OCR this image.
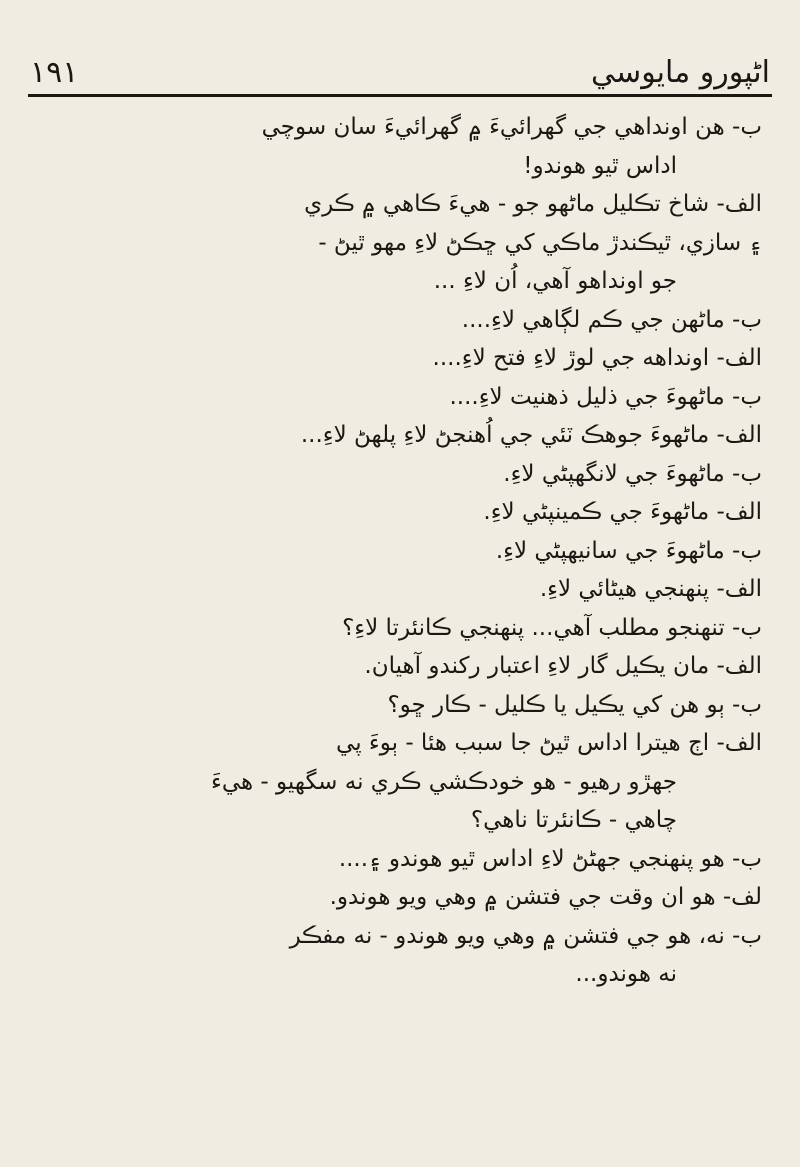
١٩١	اڻپورو مايوسي
ب- هن اونداهي جي گهرائيءَ ۾ گهرائيءَ سان سوچي
اداس ٿيو هوندو!
الف- شاخ تڪليل ماڻهو جو - هيءَ ڪاهي ۾ ڪري
۽ سازي، ٿيڪندڙ ماڪي کي ڇڪڻ لاءِ مهو ٿيڻ -
جو اونداهو آهي، اُن لاءِ ...
ب- ماڻهن جي ڪم لڳاهي لاءِ....
الف- اونداهه جي لوڙ لاءِ فتح لاءِ....
ب- ماڻهوءَ جي ذليل ذهنيت لاءِ....
الف- ماڻهوءَ جوهڪ ٽئي جي اُهنجڻ لاءِ پلهڻ لاءِ...
ب- ماڻهوءَ جي لانگهپڻي لاءِ.
الف- ماڻهوءَ جي ڪمينپڻي لاءِ.
ب- ماڻهوءَ جي سانيهپڻي لاءِ.
الف- پنهنجي هيڻائي لاءِ.
ب- تنهنجو مطلب آهي... پنهنجي ڪانئرتا لاءِ؟
الف- مان يڪيل گار لاءِ اعتبار رکندو آهيان.
ب- ٻو هن کي يڪيل يا ڪليل - ڪار ڇو؟
الف- اڄ هيترا اداس ٿيڻ جا سبب هئا - ٻوءَ پي
جهڙو رهيو - هو خودڪشي ڪري نه سگهيو - هيءَ
چاهي - ڪانئرتا ناهي؟
ب- هو پنهنجي جهڻڻ لاءِ اداس ٿيو هوندو ۽....
لف- هو ان وقت جي فتشن ۾ وهي ويو هوندو.
ب- نه، هو جي فتشن ۾ وهي ويو هوندو - نه مفڪر
نه هوندو...
